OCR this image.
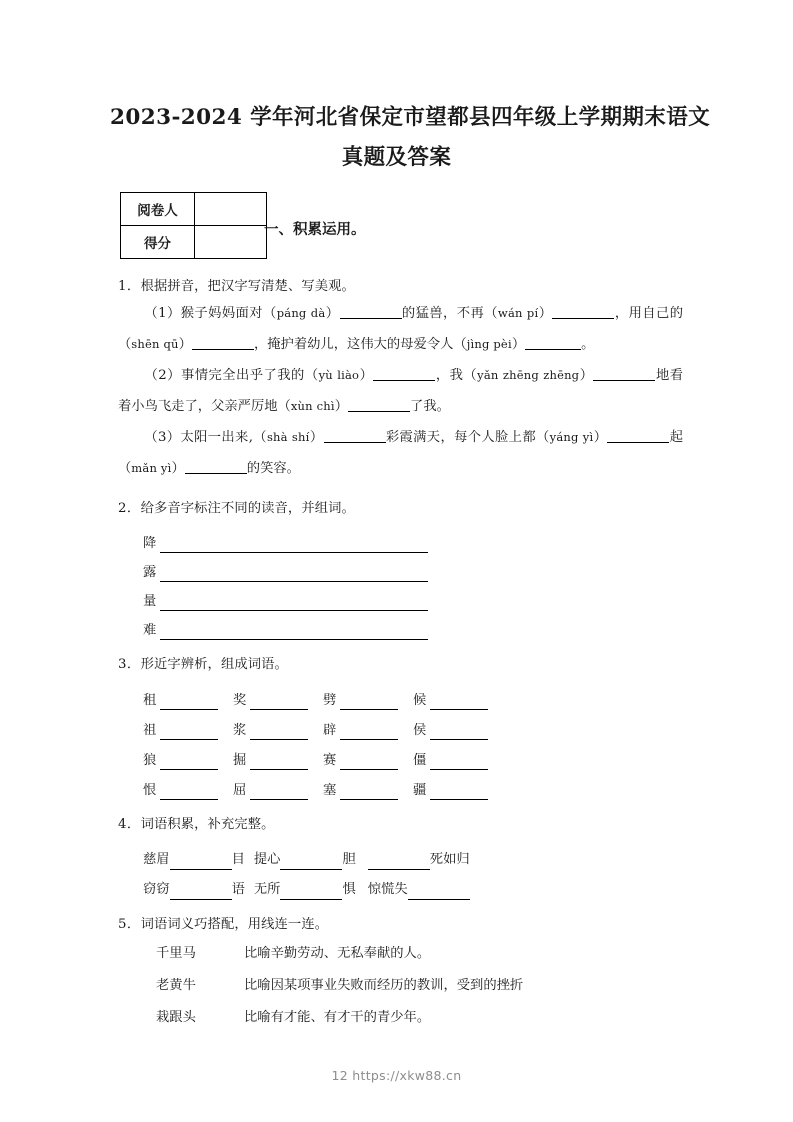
2023-2024 学年河北省保定市望都县四年级上学期期末语文
真题及答案
阅卷人	
得分	
一、积累运用。
1．根据拼音，把汉字写清楚、写美观。
（1）猴子妈妈面对（páng dà）	的猛兽，不再（wán pí）	，用自己的（shēn qū）	，掩护着幼儿，这伟大的母爱令人（jìng pèi）	。
（2）事情完全出乎了我的（yù liào）	，我（yǎn zhēng zhēng）	地看着小鸟飞走了，父亲严厉地（xùn chì）	了我。
（3）太阳一出来,（shà shí）	彩霞满天，每个人脸上都（yáng yì）	起（mǎn yì）	的笑容。
2．给多音字标注不同的读音，并组词。
降
露
量
难
3．形近字辨析，组成词语。
租	奖	劈	候
祖	浆	辟	侯
狼	掘	赛	僵
恨	屈	塞	疆
4．词语积累，补充完整。
慈眉	目 提心	胆	死如归
窃窃	语 无所	惧 惊慌失
5．词语词义巧搭配，用线连一连。
千里马	比喻辛勤劳动、无私奉献的人。
老黄牛	比喻因某项事业失败而经历的教训，受到的挫折
栽跟头	比喻有才能、有才干的青少年。
12 https://xkw88.cn
